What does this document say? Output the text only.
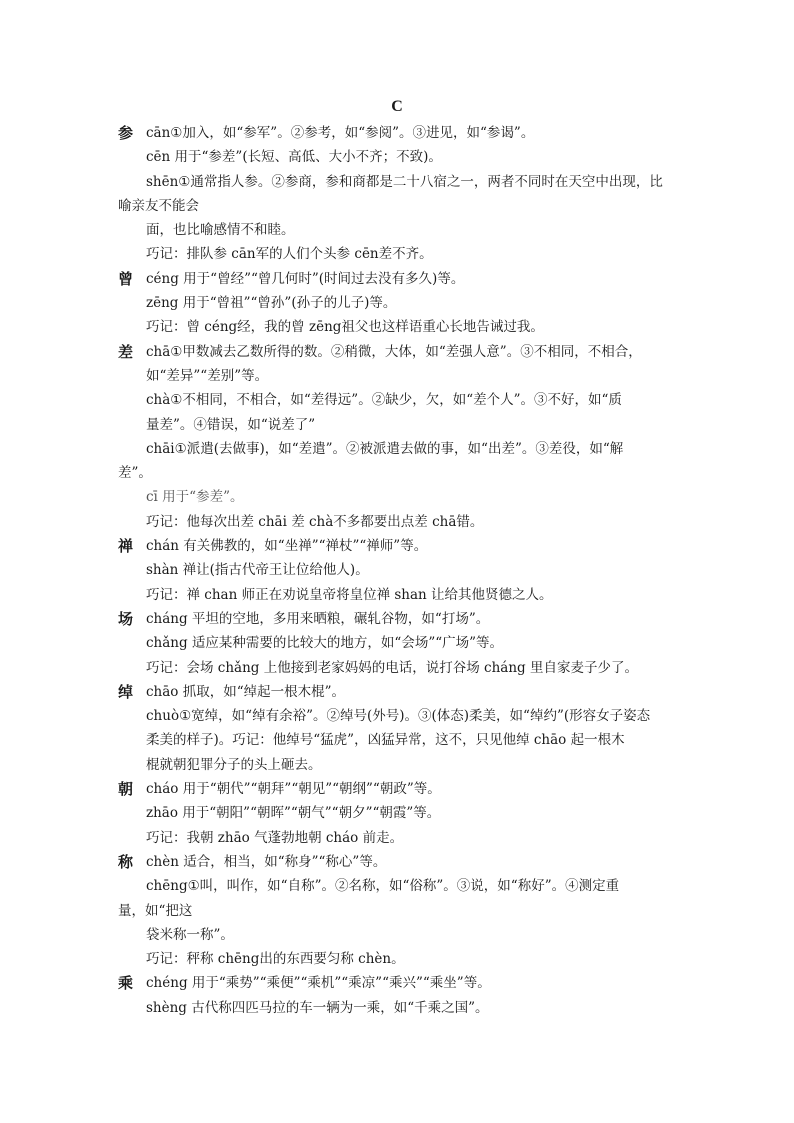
C
参 cān①加入，如“参军”。②参考，如“参阅”。③进见，如“参谒”。
cēn 用于“参差”(长短、高低、大小不齐；不致)。
shēn①通常指人参。②参商，参和商都是二十八宿之一，两者不同时在天空中出现，比
喻亲友不能会
面，也比喻感情不和睦。
巧记：排队参 cān军的人们个头参 cēn差不齐。
曾 céng 用于“曾经”“曾几何时”(时间过去没有多久)等。
zēng 用于“曾祖”“曾孙”(孙子的儿子)等。
巧记：曾 céng经，我的曾 zēng祖父也这样语重心长地告诫过我。
差 chā①甲数减去乙数所得的数。②稍微，大体，如“差强人意”。③不相同，不相合，
如“差异”“差别”等。
chà①不相同，不相合，如“差得远”。②缺少，欠，如“差个人”。③不好，如“质
量差”。④错误，如“说差了”
chāi①派遣(去做事)，如“差遣”。②被派遣去做的事，如“出差”。③差役，如“解
差”。
cī 用于“参差”。
巧记：他每次出差 chāi 差 chà不多都要出点差 chā错。
禅 chán 有关佛教的，如“坐禅”“禅杖”“禅师”等。
shàn 禅让(指古代帝王让位给他人)。
巧记：禅 chan 师正在劝说皇帝将皇位禅 shan 让给其他贤德之人。
场 cháng 平坦的空地，多用来晒粮，碾轧谷物，如“打场”。
chǎng 适应某种需要的比较大的地方，如“会场”“广场”等。
巧记：会场 chǎng 上他接到老家妈妈的电话，说打谷场 cháng 里自家麦子少了。
绰 chāo 抓取，如“绰起一根木棍”。
chuò①宽绰，如“绰有余裕”。②绰号(外号)。③(体态)柔美，如“绰约”(形容女子姿态
柔美的样子)。巧记：他绰号“猛虎”，凶猛异常，这不，只见他绰 chāo 起一根木
棍就朝犯罪分子的头上砸去。
朝 cháo 用于“朝代”“朝拜”“朝见”“朝纲”“朝政”等。
zhāo 用于“朝阳”“朝晖”“朝气”“朝夕”“朝霞”等。
巧记：我朝 zhāo 气蓬勃地朝 cháo 前走。
称 chèn 适合，相当，如“称身”“称心”等。
chēng①叫，叫作，如“自称”。②名称，如“俗称”。③说，如“称好”。④测定重
量，如“把这
袋米称一称”。
巧记：秤称 chēng出的东西要匀称 chèn。
乘 chéng 用于“乘势”“乘便”“乘机”“乘凉”“乘兴”“乘坐”等。
shèng 古代称四匹马拉的车一辆为一乘，如“千乘之国”。
